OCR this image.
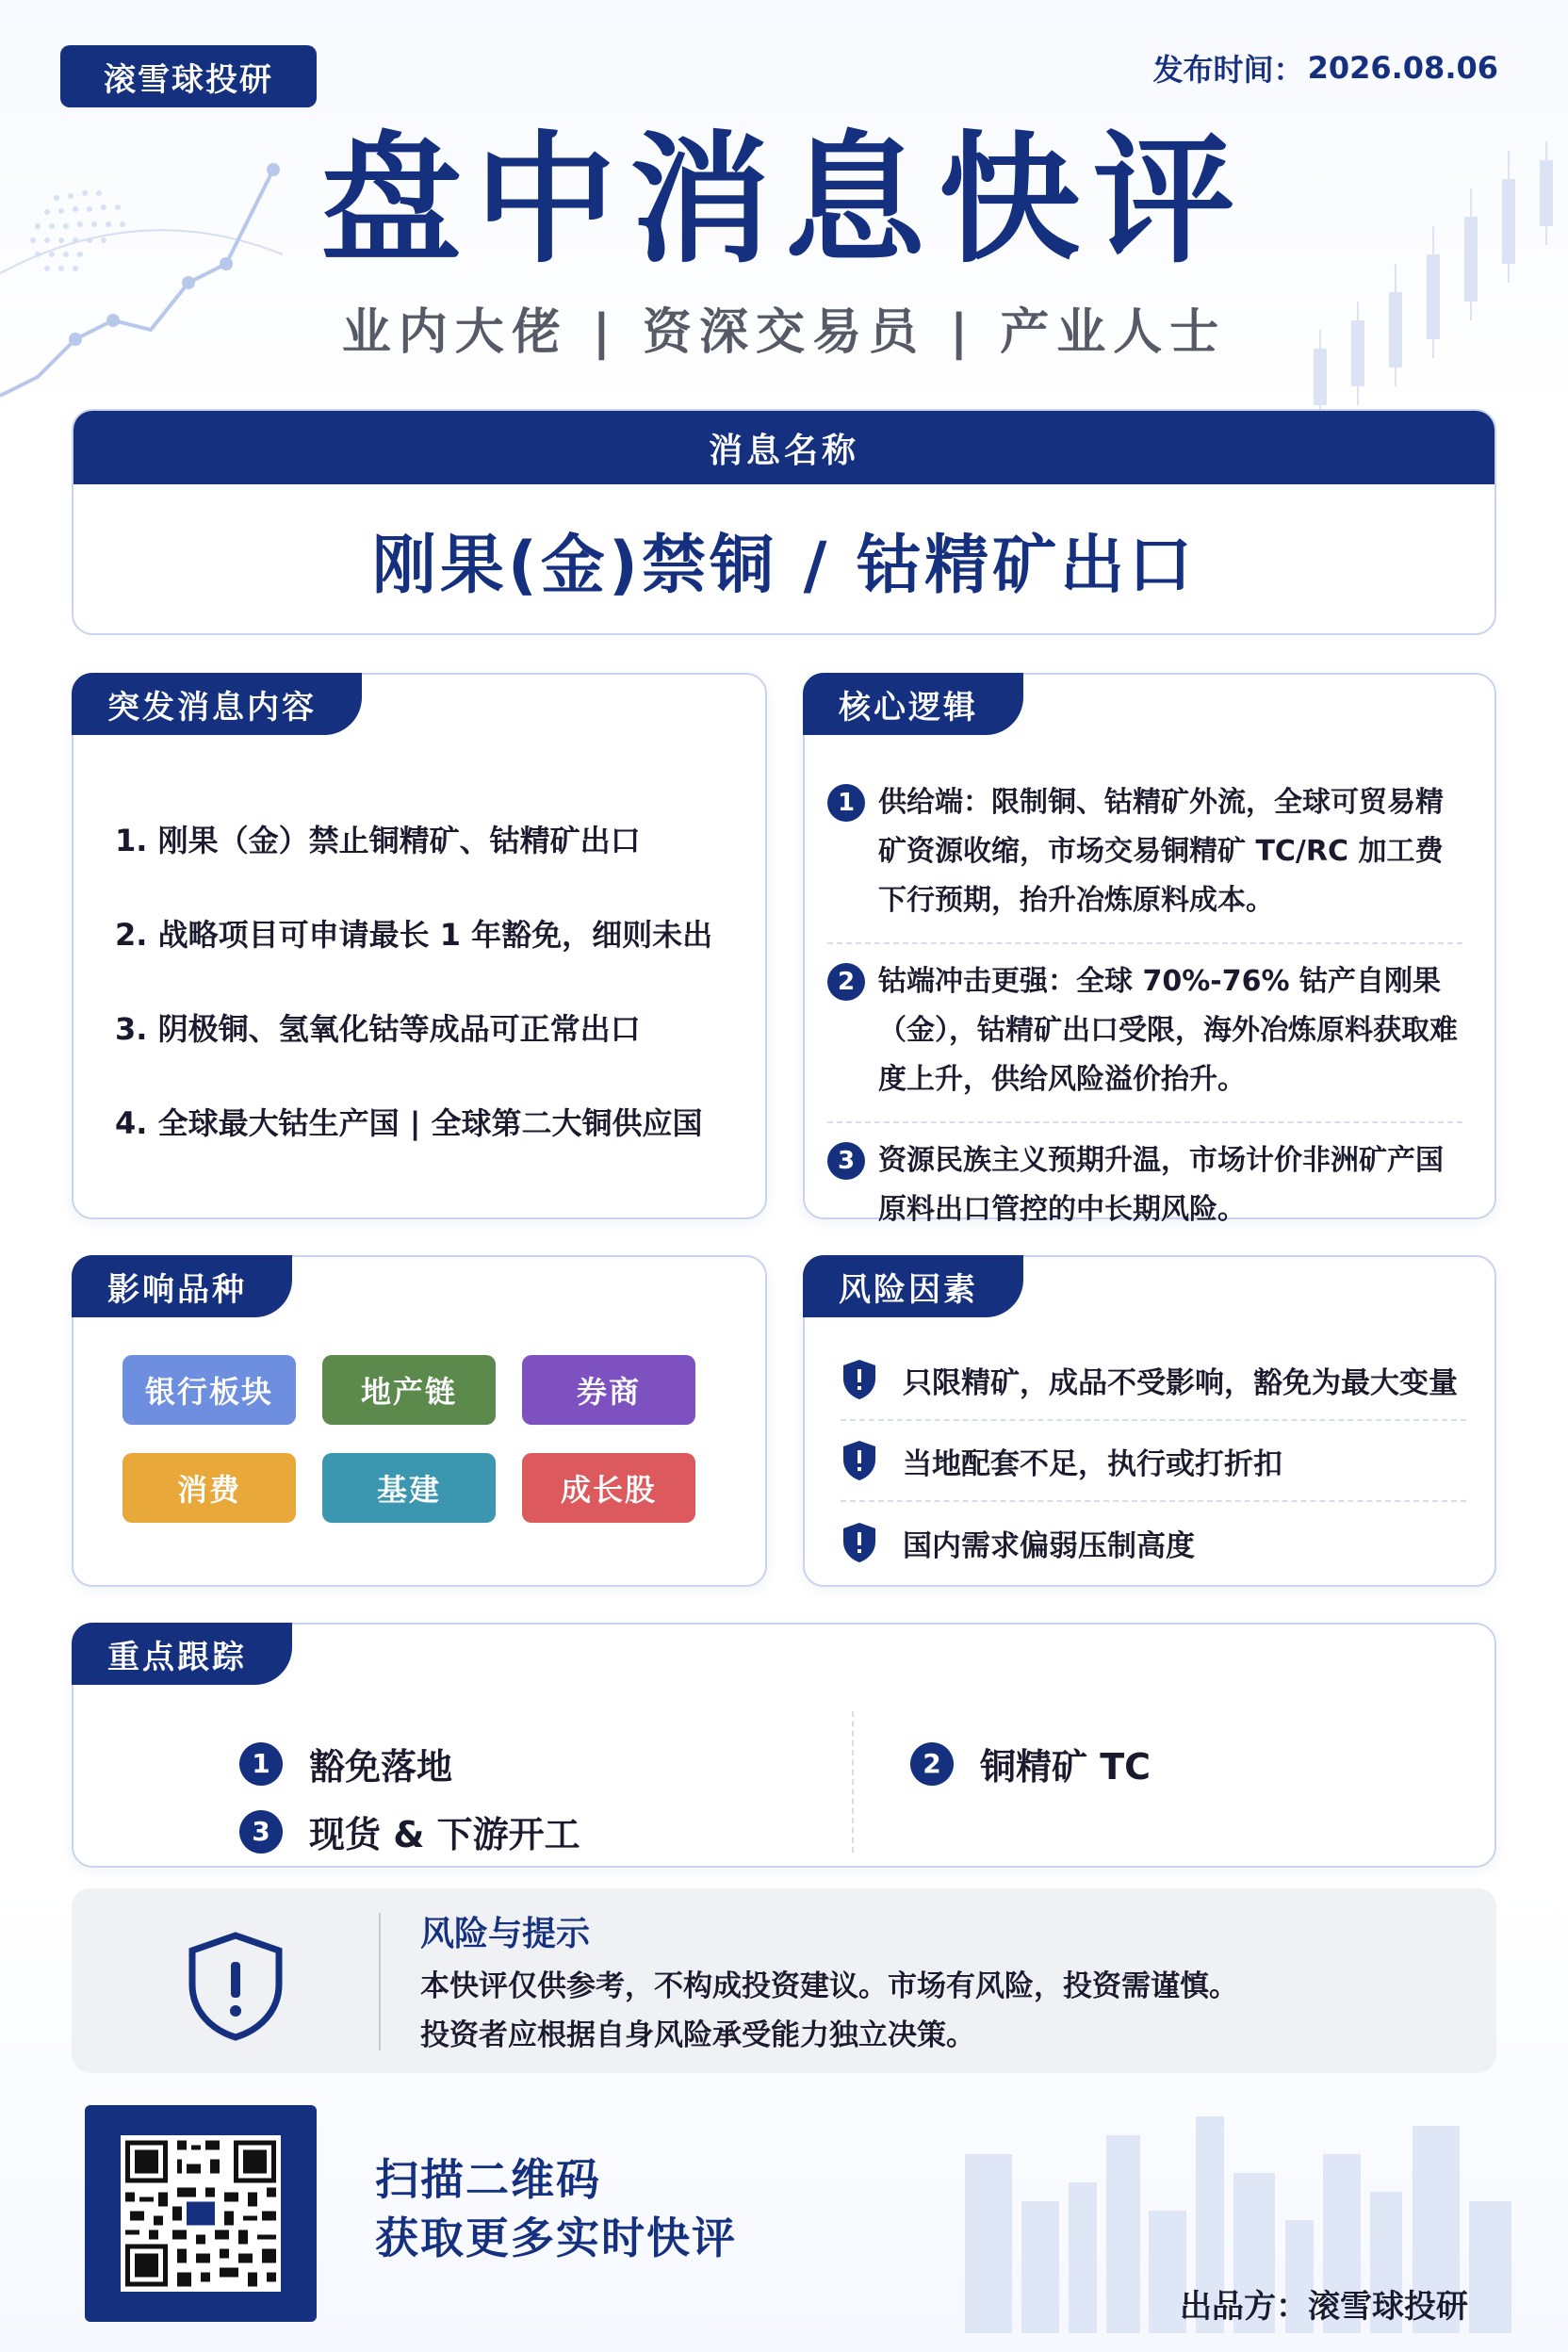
滚雪球投研	发布时间： 2026.08.06
盘中消息快评
业内大佬 | 资深交易员 | 产业人士
消息名称
刚果(金)禁铜 / 钴精矿出口
突发消息内容
1. 刚果（金）禁止铜精矿、钴精矿出口
2. 战略项目可申请最长 1 年豁免，细则未出
3. 阴极铜、氢氧化钴等成品可正常出口
4. 全球最大钴生产国 | 全球第二大铜供应国
核心逻辑
1 供给端：限制铜、钴精矿外流，全球可贸易精矿资源收缩，市场交易铜精矿 TC/RC 加工费下行预期，抬升冶炼原料成本。
2 钴端冲击更强：全球 70%-76% 钴产自刚果（金），钴精矿出口受限，海外冶炼原料获取难度上升，供给风险溢价抬升。
3 资源民族主义预期升温，市场计价非洲矿产国原料出口管控的中长期风险。
影响品种
银行板块	地产链	券商
消费	基建	成长股
风险因素
只限精矿，成品不受影响，豁免为最大变量
当地配套不足，执行或打折扣
国内需求偏弱压制高度
重点跟踪
1	豁免落地	2	铜精矿 TC
3	现货 & 下游开工
风险与提示
本快评仅供参考，不构成投资建议。市场有风险，投资需谨慎。
投资者应根据自身风险承受能力独立决策。
扫描二维码
获取更多实时快评
出品方：滚雪球投研
